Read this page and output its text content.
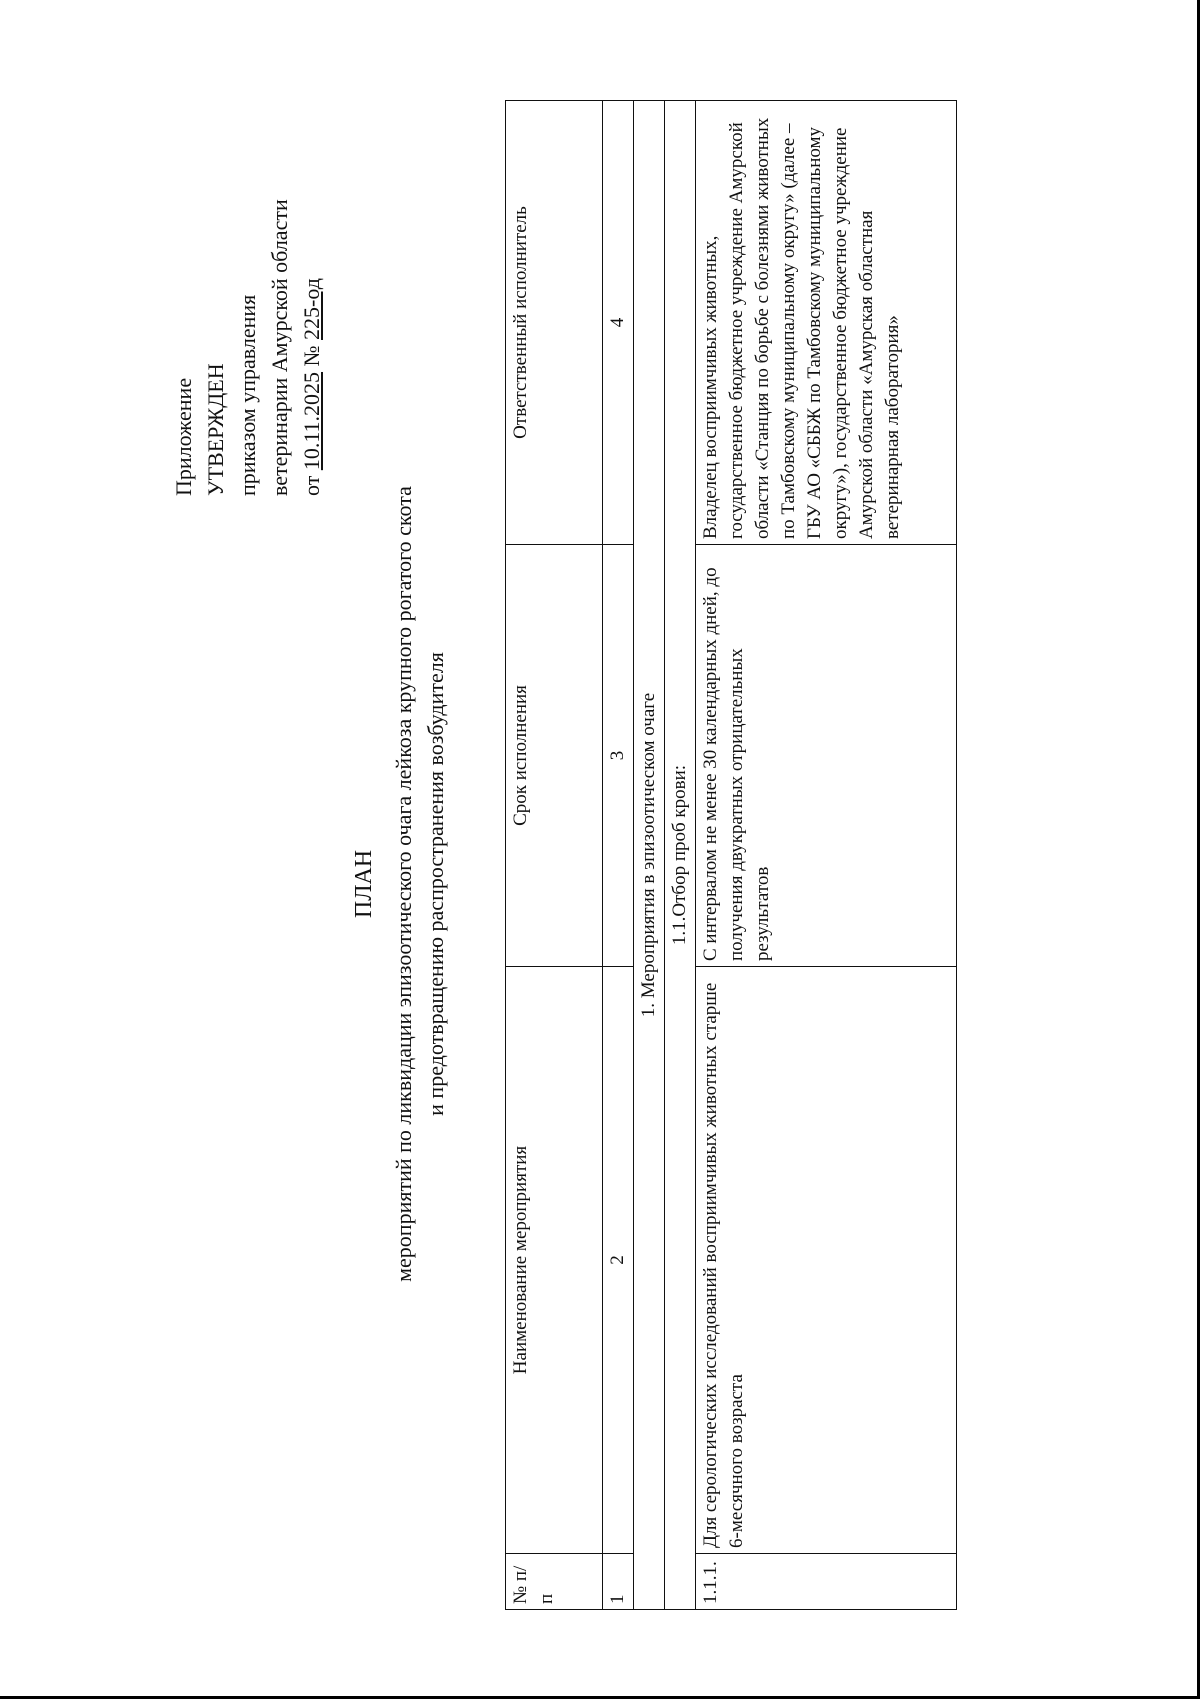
Приложение УТВЕРЖДЕН приказом управления ветеринарии Амурской области от 10.11.2025 № 225-од
ПЛАН мероприятий по ликвидации эпизоотического очага лейкоза крупного рогатого скота и предотвращению распространения возбудителя
№ п/п	Наименование мероприятия	Срок исполнения	Ответственный исполнитель
1	2	3	4
1. Мероприятия в эпизоотическом очаге			
1.1.Отбор проб крови:			
1.1.1.	Для серологических исследований восприимчивых животных старше 6-месячного возраста	С интервалом не менее 30 календарных дней, до получения двукратных отрицательных результатов	Владелец восприимчивых животных, государственное бюджетное учреждение Амурской области «Станция по борьбе с болезнями животных по Тамбовскому муниципальному округу» (далее – ГБУ АО «СББЖ по Тамбовскому муниципальному округу»), государственное бюджетное учреждение Амурской области «Амурская областная ветеринарная лаборатория»
